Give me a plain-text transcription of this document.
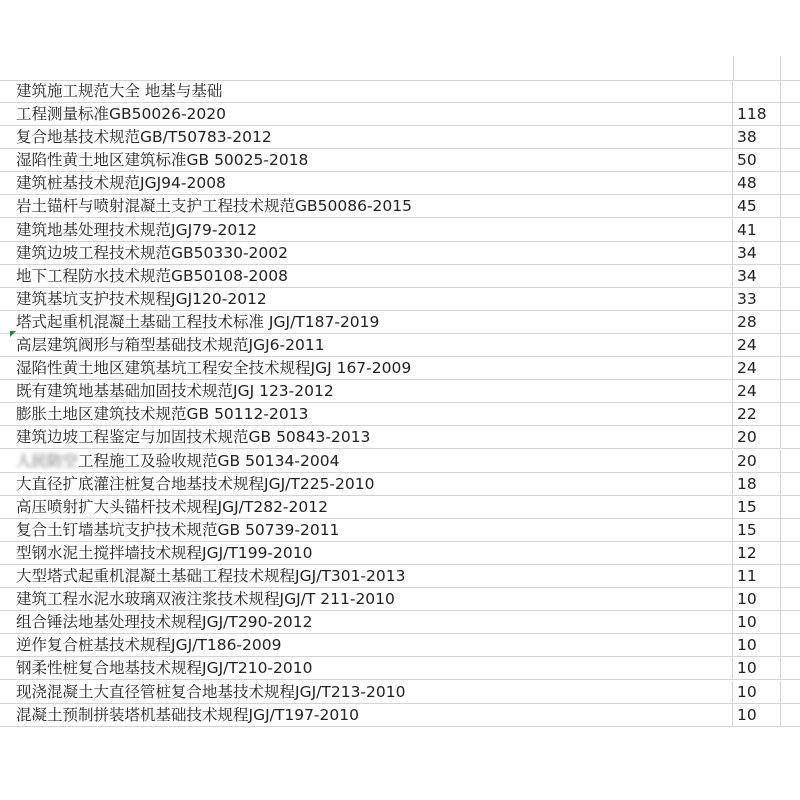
建筑施工规范大全 地基与基础
工程测量标准GB50026-2020	118
复合地基技术规范GB/T50783-2012	38
湿陷性黄土地区建筑标准GB 50025-2018	50
建筑桩基技术规范JGJ94-2008	48
岩土锚杆与喷射混凝土支护工程技术规范GB50086-2015	45
建筑地基处理技术规范JGJ79-2012	41
建筑边坡工程技术规范GB50330-2002	34
地下工程防水技术规范GB50108-2008	34
建筑基坑支护技术规程JGJ120-2012	33
塔式起重机混凝土基础工程技术标准 JGJ/T187-2019	28
高层建筑阀形与箱型基础技术规范JGJ6-2011	24
湿陷性黄土地区建筑基坑工程安全技术规程JGJ 167-2009	24
既有建筑地基基础加固技术规范JGJ 123-2012	24
膨胀土地区建筑技术规范GB 50112-2013	22
建筑边坡工程鉴定与加固技术规范GB 50843-2013	20
人民防空工程施工及验收规范GB 50134-2004	20
大直径扩底灌注桩复合地基技术规程JGJ/T225-2010	18
高压喷射扩大头锚杆技术规程JGJ/T282-2012	15
复合土钉墙基坑支护技术规范GB 50739-2011	15
型钢水泥土搅拌墙技术规程JGJ/T199-2010	12
大型塔式起重机混凝土基础工程技术规程JGJ/T301-2013	11
建筑工程水泥水玻璃双液注浆技术规程JGJ/T 211-2010	10
组合锤法地基处理技术规程JGJ/T290-2012	10
逆作复合桩基技术规程JGJ/T186-2009	10
钢柔性桩复合地基技术规程JGJ/T210-2010	10
现浇混凝土大直径管桩复合地基技术规程JGJ/T213-2010	10
混凝土预制拼装塔机基础技术规程JGJ/T197-2010	10
